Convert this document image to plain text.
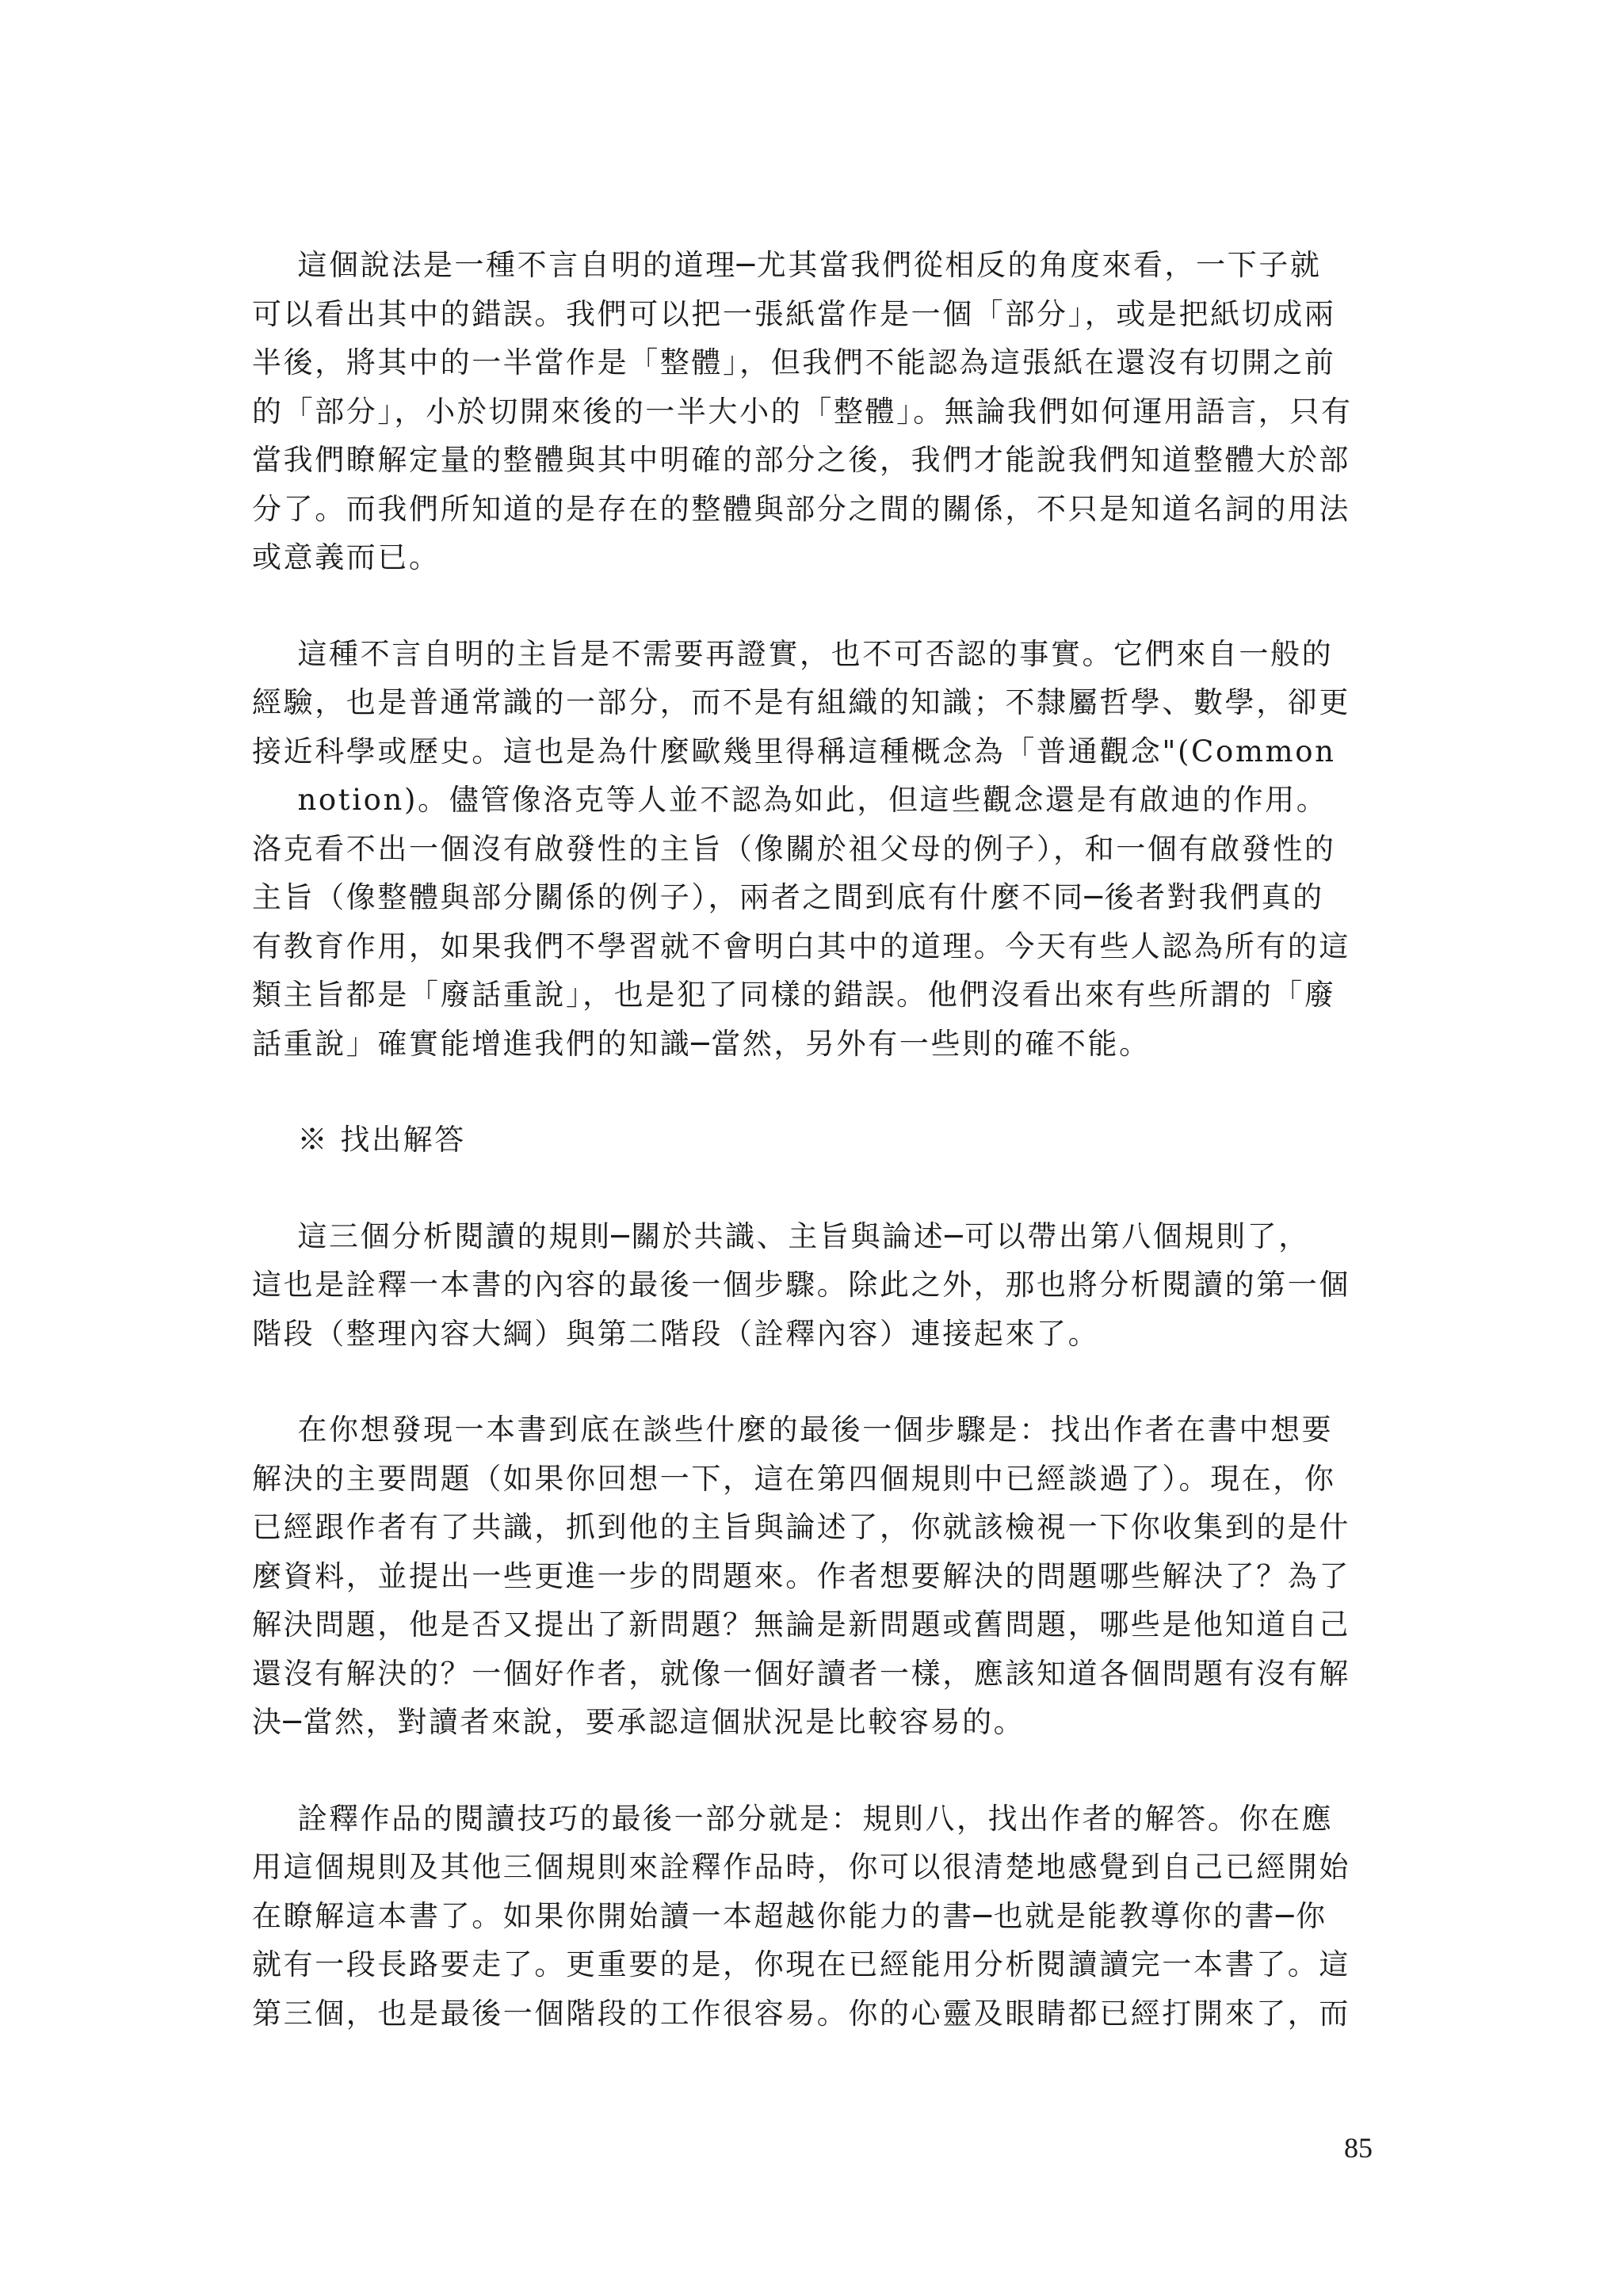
這個說法是一種不言自明的道理─尤其當我們從相反的角度來看，一下子就
可以看出其中的錯誤。我們可以把一張紙當作是一個「部分」，或是把紙切成兩
半後，將其中的一半當作是「整體」，但我們不能認為這張紙在還沒有切開之前
的「部分」，小於切開來後的一半大小的「整體」。無論我們如何運用語言，只有
當我們瞭解定量的整體與其中明確的部分之後，我們才能說我們知道整體大於部
分了。而我們所知道的是存在的整體與部分之間的關係，不只是知道名詞的用法
或意義而已。

這種不言自明的主旨是不需要再證實，也不可否認的事實。它們來自一般的
經驗，也是普通常識的一部分，而不是有組織的知識；不隸屬哲學、數學，卻更
接近科學或歷史。這也是為什麼歐幾里得稱這種概念為「普通觀念"(Common
notion)。儘管像洛克等人並不認為如此，但這些觀念還是有啟迪的作用。
洛克看不出一個沒有啟發性的主旨（像關於祖父母的例子），和一個有啟發性的
主旨（像整體與部分關係的例子），兩者之間到底有什麼不同─後者對我們真的
有教育作用，如果我們不學習就不會明白其中的道理。今天有些人認為所有的這
類主旨都是「廢話重說」，也是犯了同樣的錯誤。他們沒看出來有些所謂的「廢
話重說」確實能增進我們的知識─當然，另外有一些則的確不能。

※ 找出解答

這三個分析閱讀的規則─關於共識、主旨與論述─可以帶出第八個規則了，
這也是詮釋一本書的內容的最後一個步驟。除此之外，那也將分析閱讀的第一個
階段（整理內容大綱）與第二階段（詮釋內容）連接起來了。

在你想發現一本書到底在談些什麼的最後一個步驟是：找出作者在書中想要
解決的主要問題（如果你回想一下，這在第四個規則中已經談過了）。現在，你
已經跟作者有了共識，抓到他的主旨與論述了，你就該檢視一下你收集到的是什
麼資料，並提出一些更進一步的問題來。作者想要解決的問題哪些解決了？為了
解決問題，他是否又提出了新問題？無論是新問題或舊問題，哪些是他知道自己
還沒有解決的？一個好作者，就像一個好讀者一樣，應該知道各個問題有沒有解
決─當然，對讀者來說，要承認這個狀況是比較容易的。

詮釋作品的閱讀技巧的最後一部分就是：規則八，找出作者的解答。你在應
用這個規則及其他三個規則來詮釋作品時，你可以很清楚地感覺到自己已經開始
在瞭解這本書了。如果你開始讀一本超越你能力的書─也就是能教導你的書─你
就有一段長路要走了。更重要的是，你現在已經能用分析閱讀讀完一本書了。這
第三個，也是最後一個階段的工作很容易。你的心靈及眼睛都已經打開來了，而

85
